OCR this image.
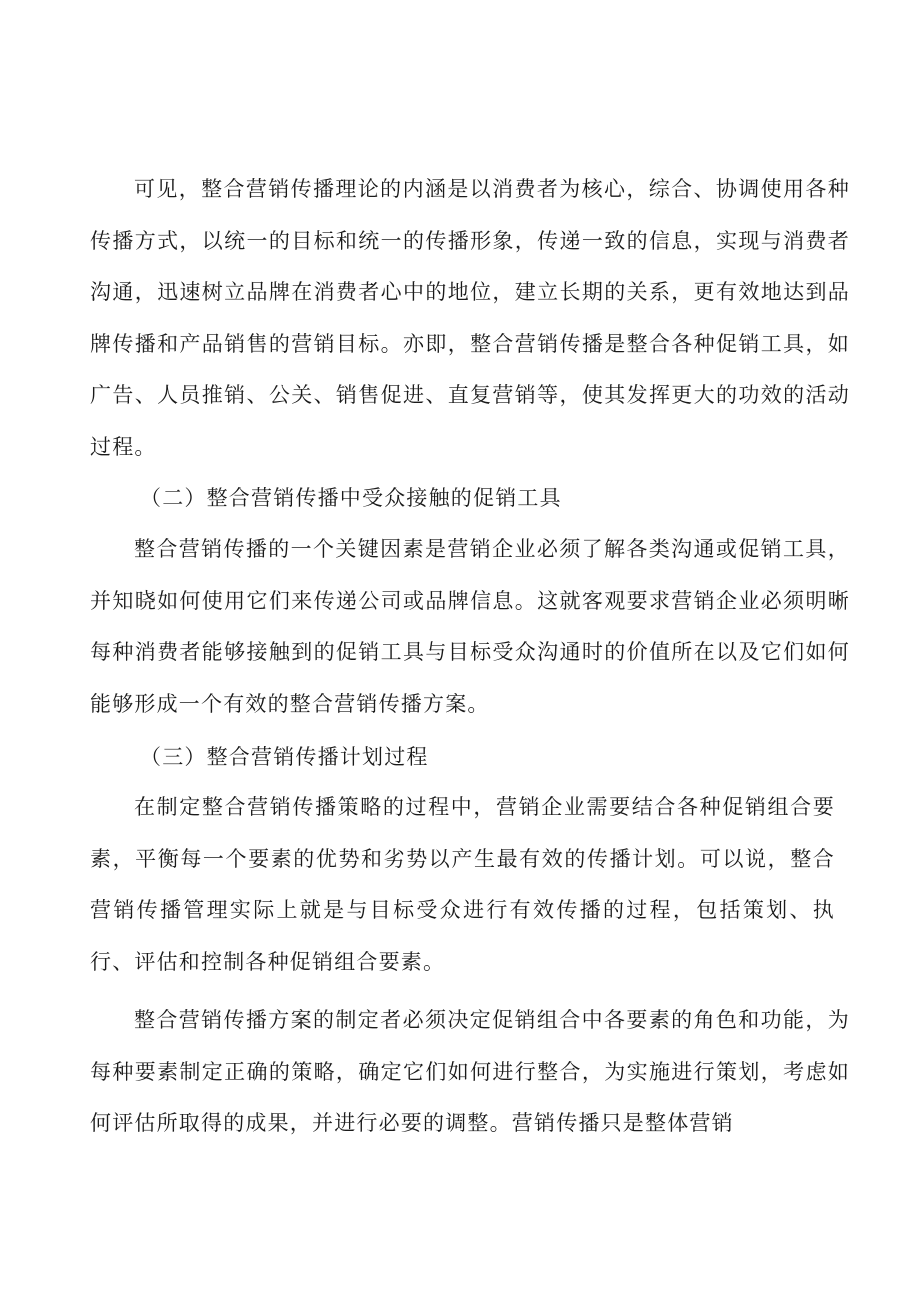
可见，整合营销传播理论的内涵是以消费者为核心，综合、协调使用各种传播方式，以统一的目标和统一的传播形象，传递一致的信息，实现与消费者沟通，迅速树立品牌在消费者心中的地位，建立长期的关系，更有效地达到品牌传播和产品销售的营销目标。亦即，整合营销传播是整合各种促销工具，如广告、人员推销、公关、销售促进、直复营销等，使其发挥更大的功效的活动过程。

（二）整合营销传播中受众接触的促销工具

整合营销传播的一个关键因素是营销企业必须了解各类沟通或促销工具，并知晓如何使用它们来传递公司或品牌信息。这就客观要求营销企业必须明晰每种消费者能够接触到的促销工具与目标受众沟通时的价值所在以及它们如何能够形成一个有效的整合营销传播方案。

（三）整合营销传播计划过程

在制定整合营销传播策略的过程中，营销企业需要结合各种促销组合要素，平衡每一个要素的优势和劣势以产生最有效的传播计划。可以说，整合营销传播管理实际上就是与目标受众进行有效传播的过程，包括策划、执行、评估和控制各种促销组合要素。

整合营销传播方案的制定者必须决定促销组合中各要素的角色和功能，为每种要素制定正确的策略，确定它们如何进行整合，为实施进行策划，考虑如何评估所取得的成果，并进行必要的调整。营销传播只是整体营销
